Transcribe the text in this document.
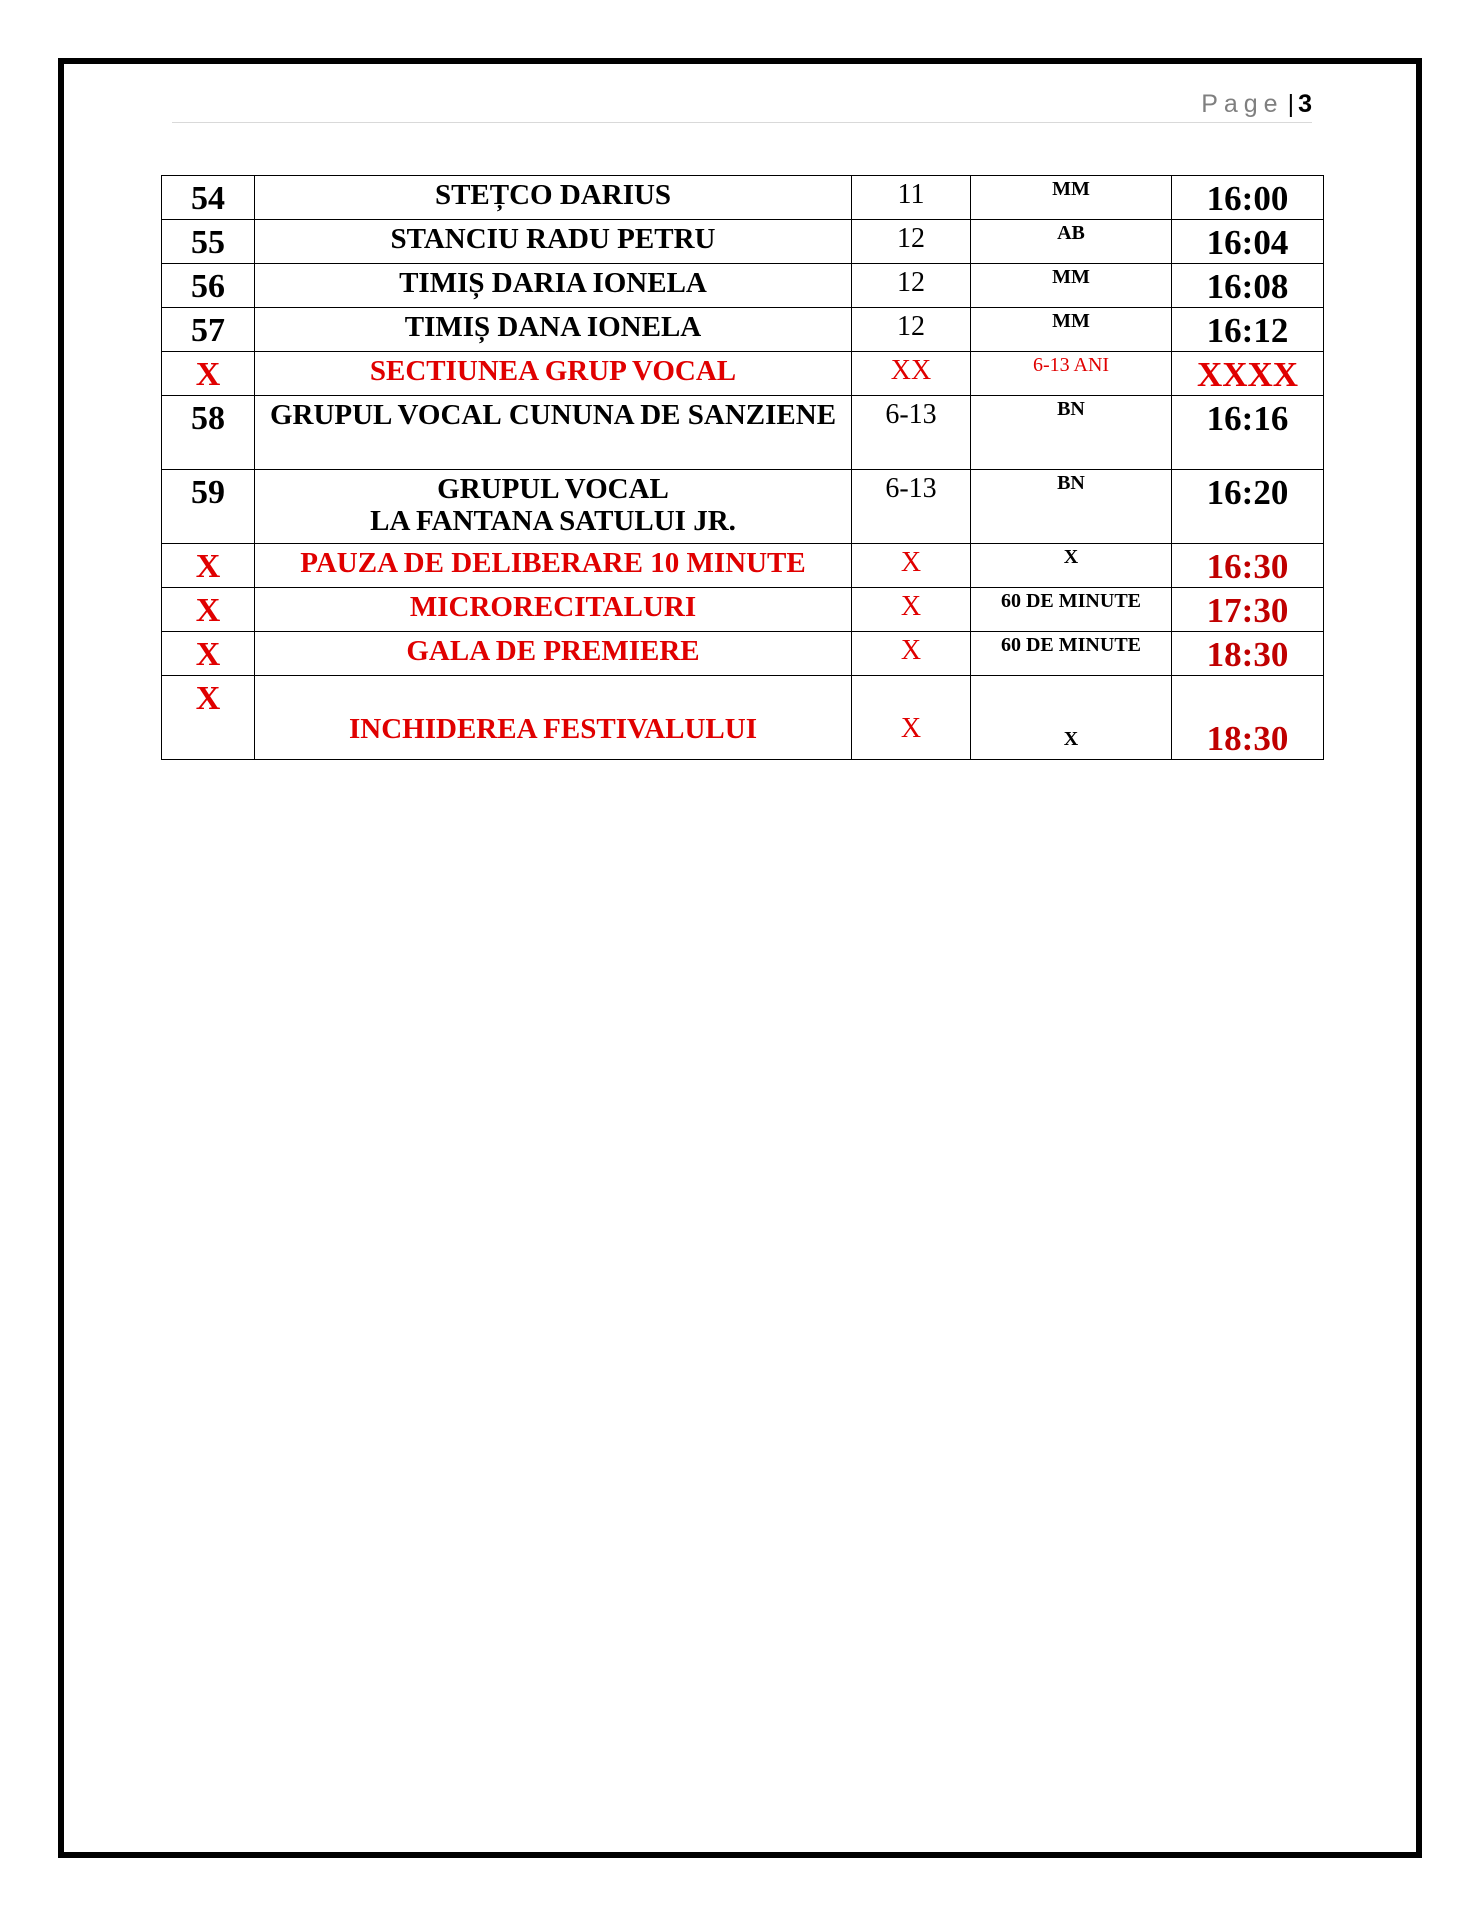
Page | 3
54	STEȚCO DARIUS	11	MM	16:00
55	STANCIU RADU PETRU	12	AB	16:04
56	TIMIȘ DARIA IONELA	12	MM	16:08
57	TIMIȘ DANA IONELA	12	MM	16:12
X	SECTIUNEA GRUP VOCAL	XX	6-13 ANI	XXXX
58	GRUPUL VOCAL CUNUNA DE SANZIENE	6-13	BN	16:16
59	GRUPUL VOCAL LA FANTANA SATULUI JR.	6-13	BN	16:20
X	PAUZA DE DELIBERARE 10 MINUTE	X	X	16:30
X	MICRORECITALURI	X	60 DE MINUTE	17:30
X	GALA DE PREMIERE	X	60 DE MINUTE	18:30
X	INCHIDEREA FESTIVALULUI	X	X	18:30
